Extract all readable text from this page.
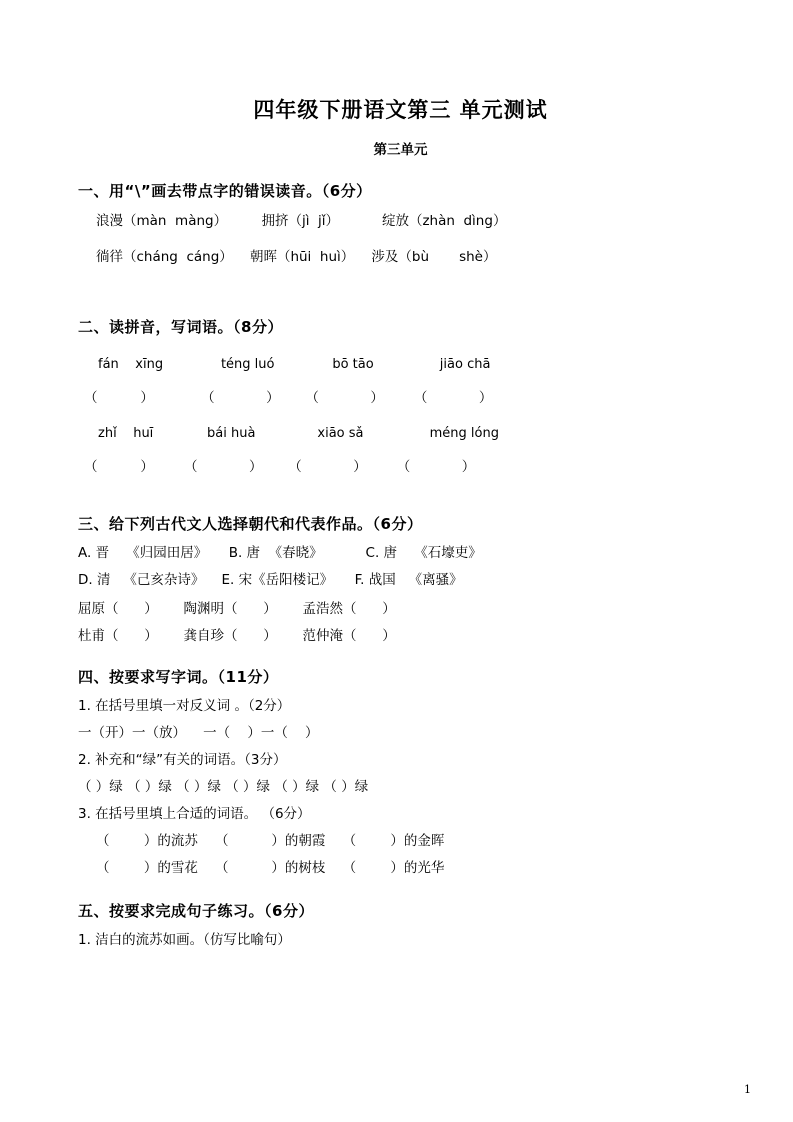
四年级下册语文第三 单元测试
第三单元
一、用“\”画去带点字的错误读音。（6分）
浪漫（màn  màng）        拥挤（jì  jǐ）          绽放（zhàn  dìng）
徜徉（cháng  cáng）    朝晖（hūi  huì）    涉及（bù       shè）
二、读拼音，写词语。（8分）
fán    xīng              téng luó              bō tāo                jiāo chā
（          ）           （            ）      （            ）       （            ）
zhǐ    huī             bái huà               xiāo sǎ                méng lóng
（          ）       （            ）      （            ）       （            ）
三、给下列古代文人选择朝代和代表作品。（6分）
A. 晋    《归园田居》     B. 唐  《春晓》          C. 唐    《石壕吏》
D. 清   《己亥杂诗》    E. 宋《岳阳楼记》     F. 战国   《离骚》
屈原（      ）      陶渊明（      ）      孟浩然（      ）
杜甫（      ）      龚自珍（      ）      范仲淹（      ）
四、按要求写字词。（11分）
1. 在括号里填一对反义词 。（2分）
一（开）一（放）    一（    ）一（    ）
2. 补充和“绿”有关的词语。（3分）
（ ）绿 （ ）绿 （ ）绿 （ ）绿 （ ）绿 （ ）绿
3. 在括号里填上合适的词语。 （6分）
（        ）的流苏    （          ）的朝霞    （        ）的金晖
（        ）的雪花    （          ）的树枝    （        ）的光华
五、按要求完成句子练习。（6分）
1. 洁白的流苏如画。（仿写比喻句）
1
